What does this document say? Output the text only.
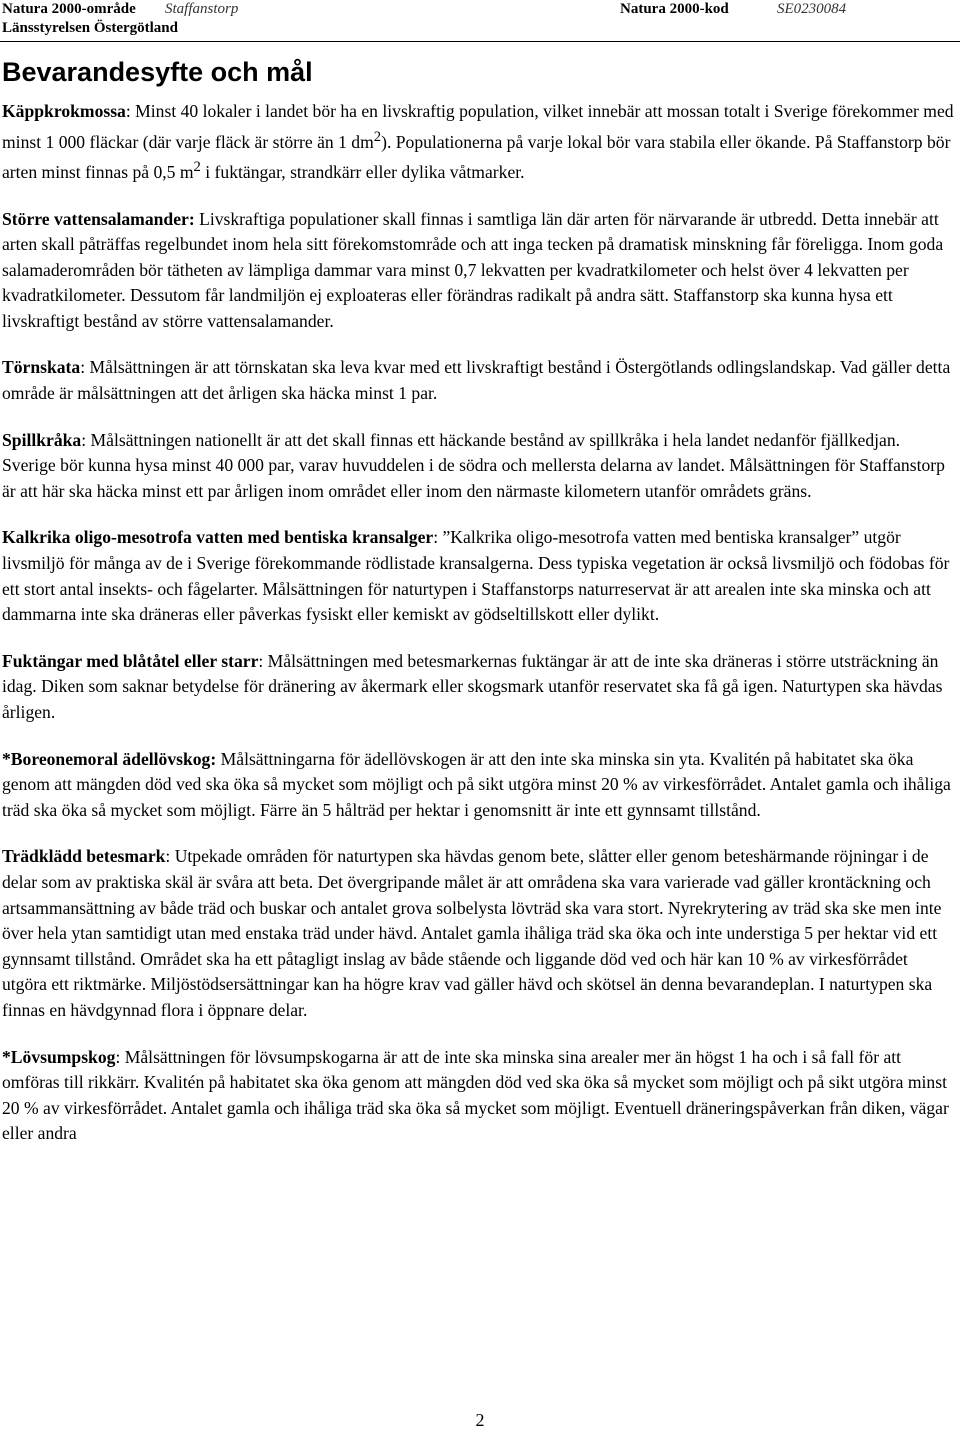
Natura 2000-område Staffanstorp
Länsstyrelsen Östergötland
Natura 2000-kod	SE0230084
Bevarandesyfte och mål

Käppkrokmossa: Minst 40 lokaler i landet bör ha en livskraftig population, vilket innebär att mossan totalt i Sverige förekommer med minst 1 000 fläckar (där varje fläck är större än 1 $dm^2$). Populationerna på varje lokal bör vara stabila eller ökande. På Staffanstorp bör arten minst finnas på 0,5 $m^2$ i fuktängar, strandkärr eller dylika våtmarker.

Större vattensalamander: Livskraftiga populationer skall finnas i samtliga län där arten för närvarande är utbredd. Detta innebär att arten skall påträffas regelbundet inom hela sitt förekomstområde och att inga tecken på dramatisk minskning får föreligga. Inom goda salamaderområden bör tätheten av lämpliga dammar vara minst 0,7 lekvatten per kvadratkilometer och helst över 4 lekvatten per kvadratkilometer. Dessutom får landmiljön ej exploateras eller förändras radikalt på andra sätt. Staffanstorp ska kunna hysa ett livskraftigt bestånd av större vattensalamander.

Törnskata: Målsättningen är att törnskatan ska leva kvar med ett livskraftigt bestånd i Östergötlands odlingslandskap. Vad gäller detta område är målsättningen att det årligen ska häcka minst 1 par.

Spillkråka: Målsättningen nationellt är att det skall finnas ett häckande bestånd av spillkråka i hela landet nedanför fjällkedjan. Sverige bör kunna hysa minst 40 000 par, varav huvuddelen i de södra och mellersta delarna av landet. Målsättningen för Staffanstorp är att här ska häcka minst ett par årligen inom området eller inom den närmaste kilometern utanför områdets gräns.

Kalkrika oligo-mesotrofa vatten med bentiska kransalger: ”Kalkrika oligo-mesotrofa vatten med bentiska kransalger” utgör livsmiljö för många av de i Sverige förekommande rödlistade kransalgerna. Dess typiska vegetation är också livsmiljö och födobas för ett stort antal insekts- och fågelarter. Målsättningen för naturtypen i Staffanstorps naturreservat är att arealen inte ska minska och att dammarna inte ska dräneras eller påverkas fysiskt eller kemiskt av gödseltillskott eller dylikt.

Fuktängar med blåtåtel eller starr: Målsättningen med betesmarkernas fuktängar är att de inte ska dräneras i större utsträckning än idag. Diken som saknar betydelse för dränering av åkermark eller skogsmark utanför reservatet ska få gå igen. Naturtypen ska hävdas årligen.

*Boreonemoral ädellövskog: Målsättningarna för ädellövskogen är att den inte ska minska sin yta. Kvalitén på habitatet ska öka genom att mängden död ved ska öka så mycket som möjligt och på sikt utgöra minst 20 % av virkesförrådet. Antalet gamla och ihåliga träd ska öka så mycket som möjligt. Färre än 5 hålträd per hektar i genomsnitt är inte ett gynnsamt tillstånd.

Trädklädd betesmark: Utpekade områden för naturtypen ska hävdas genom bete, slåtter eller genom beteshärmande röjningar i de delar som av praktiska skäl är svåra att beta. Det övergripande målet är att områdena ska vara varierade vad gäller krontäckning och artsammansättning av både träd och buskar och antalet grova solbelysta lövträd ska vara stort. Nyrekrytering av träd ska ske men inte över hela ytan samtidigt utan med enstaka träd under hävd. Antalet gamla ihåliga träd ska öka och inte understiga 5 per hektar vid ett gynnsamt tillstånd. Området ska ha ett påtagligt inslag av både stående och liggande död ved och här kan 10 % av virkesförrådet utgöra ett riktmärke. Miljöstödsersättningar kan ha högre krav vad gäller hävd och skötsel än denna bevarandeplan. I naturtypen ska finnas en hävdgynnad flora i öppnare delar.

*Lövsumpskog: Målsättningen för lövsumpskogarna är att de inte ska minska sina arealer mer än högst 1 ha och i så fall för att omföras till rikkärr. Kvalitén på habitatet ska öka genom att mängden död ved ska öka så mycket som möjligt och på sikt utgöra minst 20 % av virkesförrådet. Antalet gamla och ihåliga träd ska öka så mycket som möjligt. Eventuell dräneringspåverkan från diken, vägar eller andra

2
